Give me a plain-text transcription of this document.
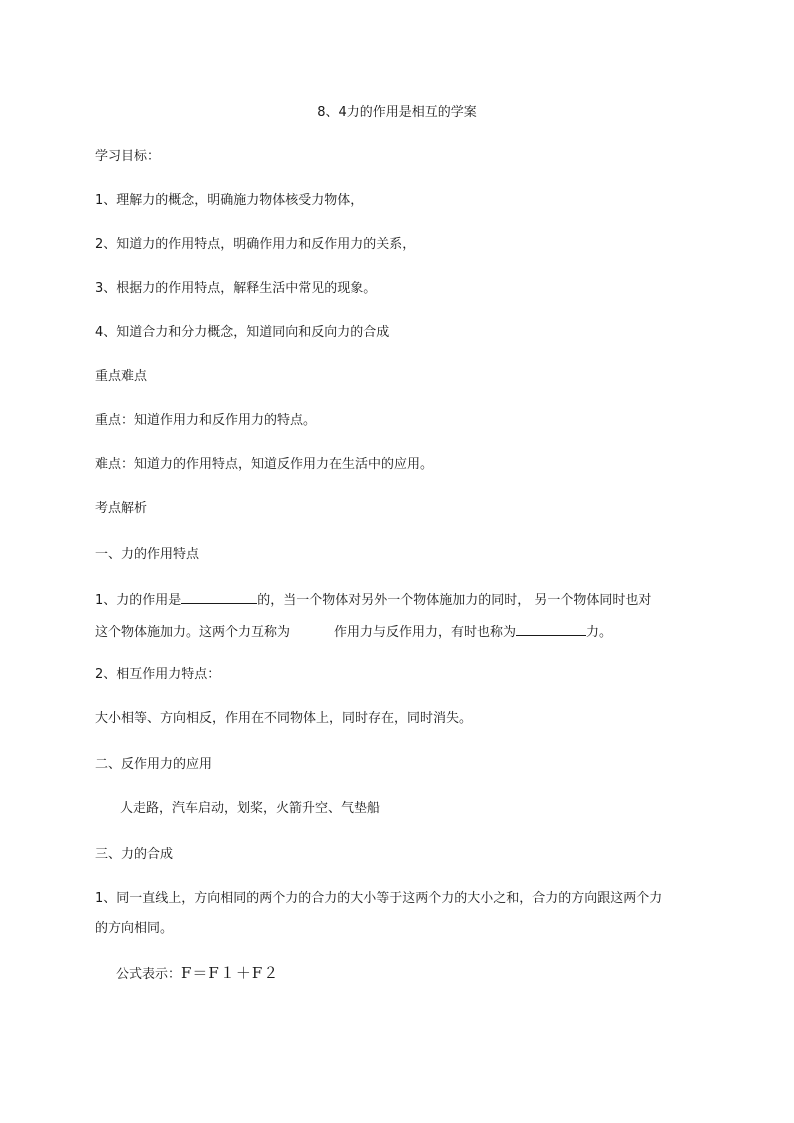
8、4力的作用是相互的学案
学习目标：
1、理解力的概念，明确施力物体核受力物体，
2、知道力的作用特点，明确作用力和反作用力的关系，
3、根据力的作用特点，解释生活中常见的现象。
4、知道合力和分力概念，知道同向和反向力的合成
重点难点
重点：知道作用力和反作用力的特点。
难点：知道力的作用特点，知道反作用力在生活中的应用。
考点解析
一、力的作用特点
1、力的作用是	的，当一个物体对另外一个物体施加力的同时， 另一个物体同时也对
这个物体施加力。这两个力互称为	作用力与反作用力，有时也称为	力。
2、相互作用力特点：
大小相等、方向相反，作用在不同物体上，同时存在，同时消失。
二、反作用力的应用
人走路，汽车启动，划桨，火箭升空、气垫船
三、力的合成
1、同一直线上，方向相同的两个力的合力的大小等于这两个力的大小之和，合力的方向跟这两个力
的方向相同。
公式表示：F＝F１＋F２
